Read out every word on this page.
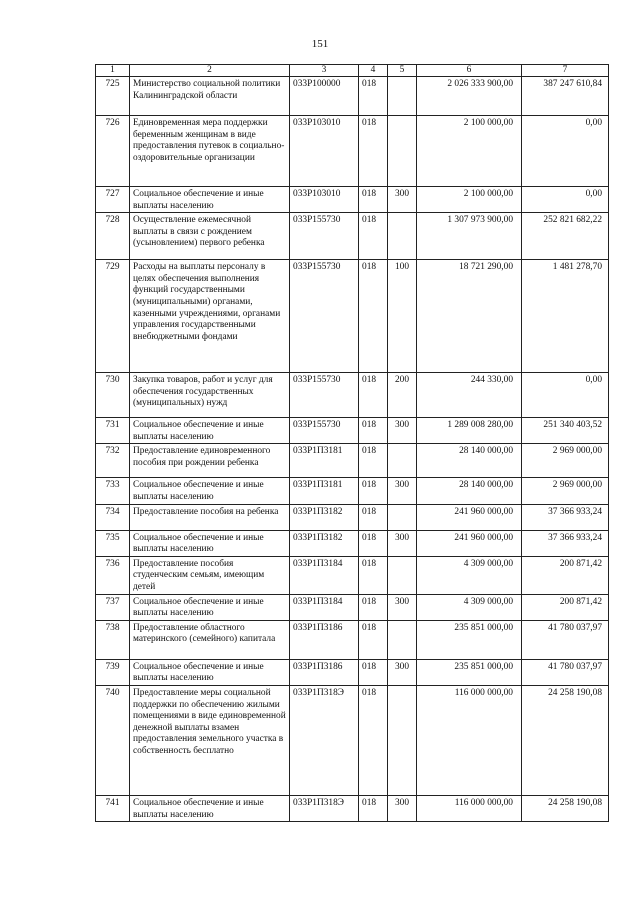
151
1	2	3	4	5	6	7
725	Министерство социальной политики Калининградской области	033P100000	018		2 026 333 900,00	387 247 610,84
726	Единовременная мера поддержки беременным женщинам в виде предоставления путевок в социально-оздоровительные организации	033P103010	018		2 100 000,00	0,00
727	Социальное обеспечение и иные выплаты населению	033P103010	018	300	2 100 000,00	0,00
728	Осуществление ежемесячной выплаты в связи с рождением (усыновлением) первого ребенка	033P155730	018		1 307 973 900,00	252 821 682,22
729	Расходы на выплаты персоналу в целях обеспечения выполнения функций государственными (муниципальными) органами, казенными учреждениями, органами управления государственными внебюджетными фондами	033P155730	018	100	18 721 290,00	1 481 278,70
730	Закупка товаров, работ и услуг для обеспечения государственных (муниципальных) нужд	033P155730	018	200	244 330,00	0,00
731	Социальное обеспечение и иные выплаты населению	033P155730	018	300	1 289 008 280,00	251 340 403,52
732	Предоставление единовременного пособия при рождении ребенка	033P1П3181	018		28 140 000,00	2 969 000,00
733	Социальное обеспечение и иные выплаты населению	033P1П3181	018	300	28 140 000,00	2 969 000,00
734	Предоставление пособия на ребенка	033P1П3182	018		241 960 000,00	37 366 933,24
735	Социальное обеспечение и иные выплаты населению	033P1П3182	018	300	241 960 000,00	37 366 933,24
736	Предоставление пособия студенческим семьям, имеющим детей	033P1П3184	018		4 309 000,00	200 871,42
737	Социальное обеспечение и иные выплаты населению	033P1П3184	018	300	4 309 000,00	200 871,42
738	Предоставление областного материнского (семейного) капитала	033P1П3186	018		235 851 000,00	41 780 037,97
739	Социальное обеспечение и иные выплаты населению	033P1П3186	018	300	235 851 000,00	41 780 037,97
740	Предоставление меры социальной поддержки по обеспечению жилыми помещениями в виде единовременной денежной выплаты взамен предоставления земельного участка в собственность бесплатно	033P1П318Э	018		116 000 000,00	24 258 190,08
741	Социальное обеспечение и иные выплаты населению	033P1П318Э	018	300	116 000 000,00	24 258 190,08
